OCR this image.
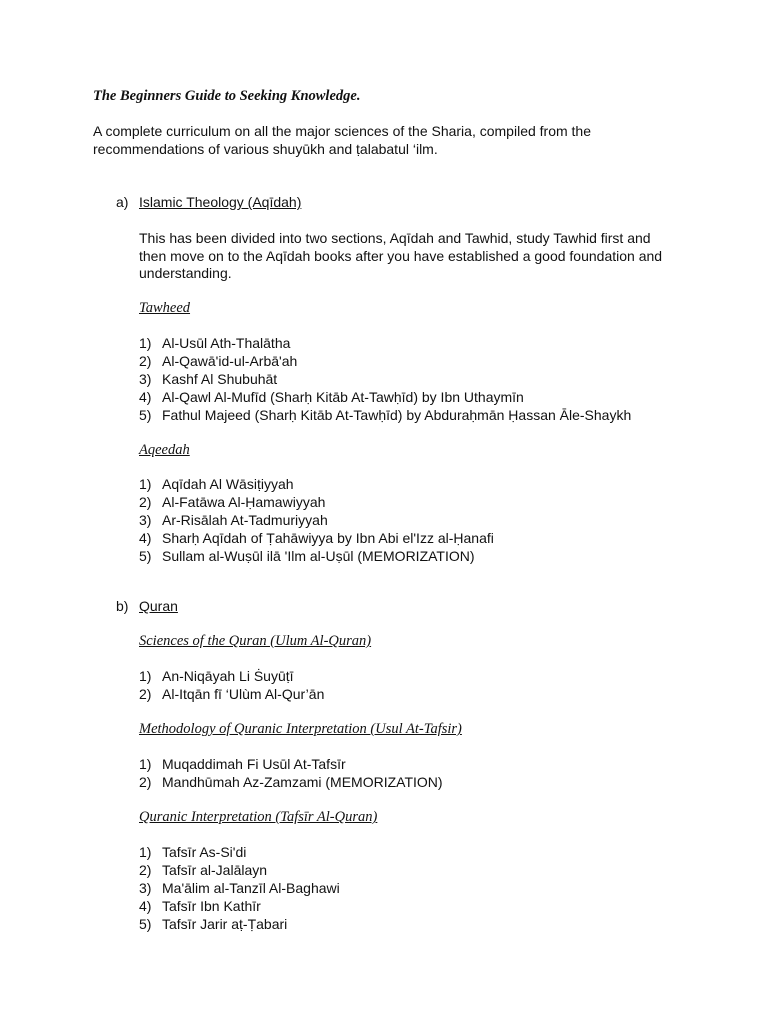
The Beginners Guide to Seeking Knowledge.
A complete curriculum on all the major sciences of the Sharia, compiled from the recommendations of various shuyūkh and ṭalabatul ‘ilm.
a) Islamic Theology (Aqīdah)
This has been divided into two sections, Aqīdah and Tawhid, study Tawhid first and then move on to the Aqīdah books after you have established a good foundation and understanding.
Tawheed
1) Al-Usūl Ath-Thalātha
2) Al-Qawā'id-ul-Arbā'ah
3) Kashf Al Shubuhāt
4) Al-Qawl Al-Mufīd (Sharḥ Kitāb At-Tawḥīd) by Ibn Uthaymīn
5) Fathul Majeed (Sharḥ Kitāb At-Tawḥīd) by Abduraḥmān Ḥassan Āle-Shaykh
Aqeedah
1) Aqīdah Al Wāsiṭiyyah
2) Al-Fatāwa Al-Ḥamawiyyah
3) Ar-Risālah At-Tadmuriyyah
4) Sharḥ Aqīdah of Ṭahāwiyya by Ibn Abi el'Izz al-Ḥanafi
5) Sullam al-Wuṣūl ilā 'Ilm al-Uṣūl (MEMORIZATION)
b) Quran
Sciences of the Quran (Ulum Al-Quran)
1) An-Niqāyah Li Ṡuyūṭī
2) Al-Itqān fī ‘Ulùm Al-Qur’ān
Methodology of Quranic Interpretation (Usul At-Tafsir)
1) Muqaddimah Fi Usūl At-Tafsīr
2) Mandhūmah Az-Zamzami (MEMORIZATION)
Quranic Interpretation (Tafsīr Al-Quran)
1) Tafsīr As-Si'di
2) Tafsīr al-Jalālayn
3) Ma'ālim al-Tanzīl Al-Baghawi
4) Tafsīr Ibn Kathīr
5) Tafsīr Jarir aṭ-Ṭabari
